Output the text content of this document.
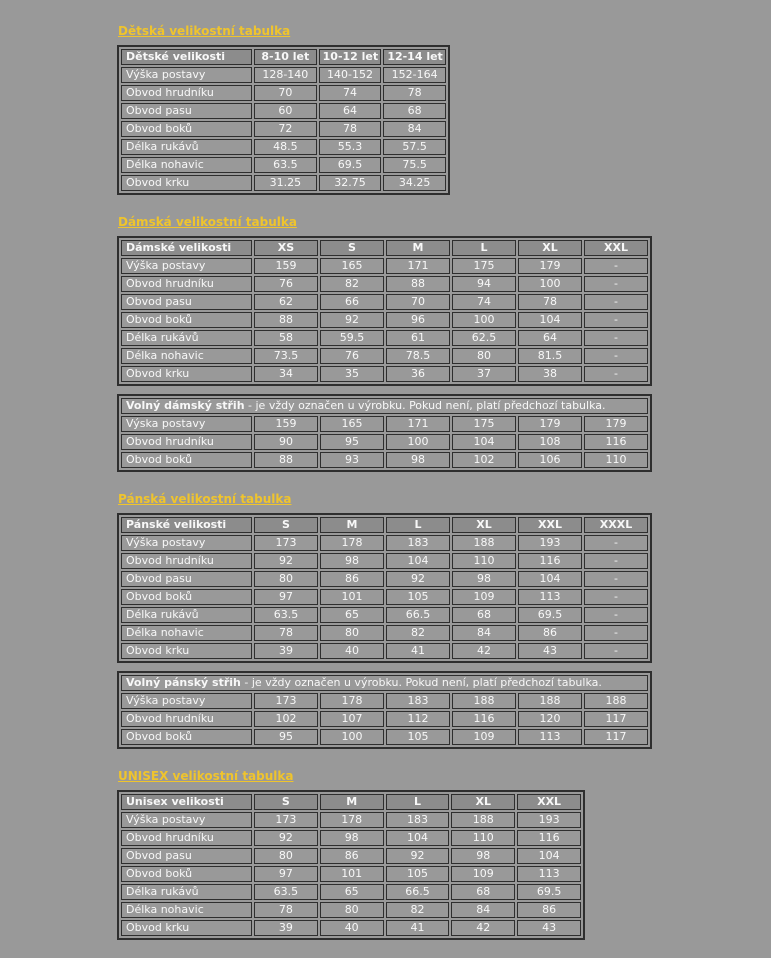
Dětská velikostní tabulka
Dětské velikosti	8-10 let	10-12 let	12-14 let
Výška postavy	128-140	140-152	152-164
Obvod hrudníku	70	74	78
Obvod pasu	60	64	68
Obvod boků	72	78	84
Délka rukávů	48.5	55.3	57.5
Délka nohavic	63.5	69.5	75.5
Obvod krku	31.25	32.75	34.25
Dámská velikostní tabulka
Dámské velikosti	XS	S	M	L	XL	XXL
Výška postavy	159	165	171	175	179	-
Obvod hrudníku	76	82	88	94	100	-
Obvod pasu	62	66	70	74	78	-
Obvod boků	88	92	96	100	104	-
Délka rukávů	58	59.5	61	62.5	64	-
Délka nohavic	73.5	76	78.5	80	81.5	-
Obvod krku	34	35	36	37	38	-
Volný dámský střih - je vždy označen u výrobku. Pokud není, platí předchozí tabulka.						
Výska postavy	159	165	171	175	179	179
Obvod hrudníku	90	95	100	104	108	116
Obvod boků	88	93	98	102	106	110
Pánská velikostní tabulka
Pánské velikosti	S	M	L	XL	XXL	XXXL
Výška postavy	173	178	183	188	193	-
Obvod hrudníku	92	98	104	110	116	-
Obvod pasu	80	86	92	98	104	-
Obvod boků	97	101	105	109	113	-
Délka rukávů	63.5	65	66.5	68	69.5	-
Délka nohavic	78	80	82	84	86	-
Obvod krku	39	40	41	42	43	-
Volný pánský střih - je vždy označen u výrobku. Pokud není, platí předchozí tabulka.						
Výška postavy	173	178	183	188	188	188
Obvod hrudníku	102	107	112	116	120	117
Obvod boků	95	100	105	109	113	117
UNISEX velikostní tabulka
Unisex velikosti	S	M	L	XL	XXL
Výška postavy	173	178	183	188	193
Obvod hrudníku	92	98	104	110	116
Obvod pasu	80	86	92	98	104
Obvod boků	97	101	105	109	113
Délka rukávů	63.5	65	66.5	68	69.5
Délka nohavic	78	80	82	84	86
Obvod krku	39	40	41	42	43
